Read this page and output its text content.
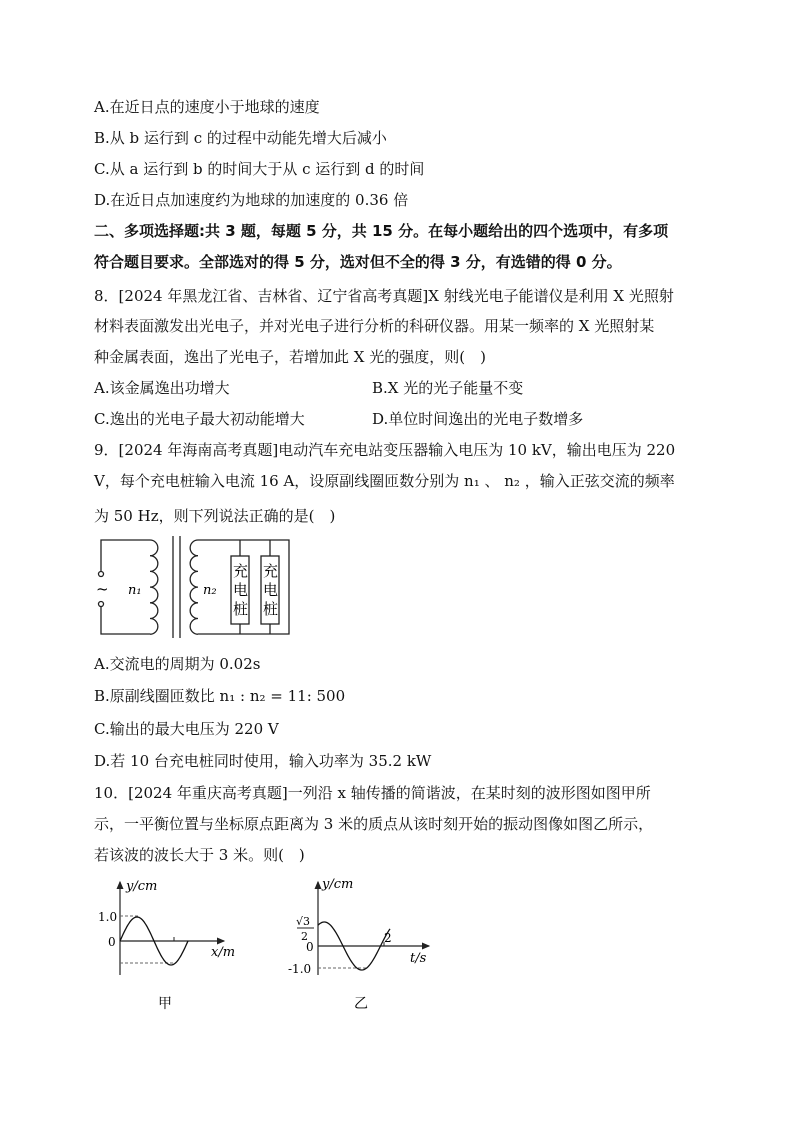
A.在近日点的速度小于地球的速度
B.从 b 运行到 c 的过程中动能先增大后减小
C.从 a 运行到 b 的时间大于从 c 运行到 d 的时间
D.在近日点加速度约为地球的加速度的 0.36 倍
二、多项选择题:共 3 题，每题 5 分，共 15 分。在每小题给出的四个选项中，有多项
符合题目要求。全部选对的得 5 分，选对但不全的得 3 分，有选错的得 0 分。
8．[2024 年黑龙江省、吉林省、辽宁省高考真题]X 射线光电子能谱仪是利用 X 光照射
材料表面激发出光电子，并对光电子进行分析的科研仪器。用某一频率的 X 光照射某
种金属表面，逸出了光电子，若增加此 X 光的强度，则(　)
A.该金属逸出功增大	B.X 光的光子能量不变
C.逸出的光电子最大初动能增大	D.单位时间逸出的光电子数增多
9．[2024 年海南高考真题]电动汽车充电站变压器输入电压为 10 kV，输出电压为 220
V，每个充电桩输入电流 16 A，设原副线圈匝数分别为 n₁ 、 n₂ ，输入正弦交流的频率
为 50 Hz，则下列说法正确的是(　)
~ n₁	n₂
充
电
桩
充
电
桩
A.交流电的周期为 0.02s
B.原副线圈匝数比 n₁ : n₂ = 11: 500
C.输出的最大电压为 220 V
D.若 10 台充电桩同时使用，输入功率为 35.2 kW
10．[2024 年重庆高考真题]一列沿 x 轴传播的简谐波，在某时刻的波形图如图甲所
示，一平衡位置与坐标原点距离为 3 米的质点从该时刻开始的振动图像如图乙所示，
若该波的波长大于 3 米。则(　)
y/cm
x/m
1.0
0
甲
y/cm
t/s
√3
2
0
-1.0
2
乙
